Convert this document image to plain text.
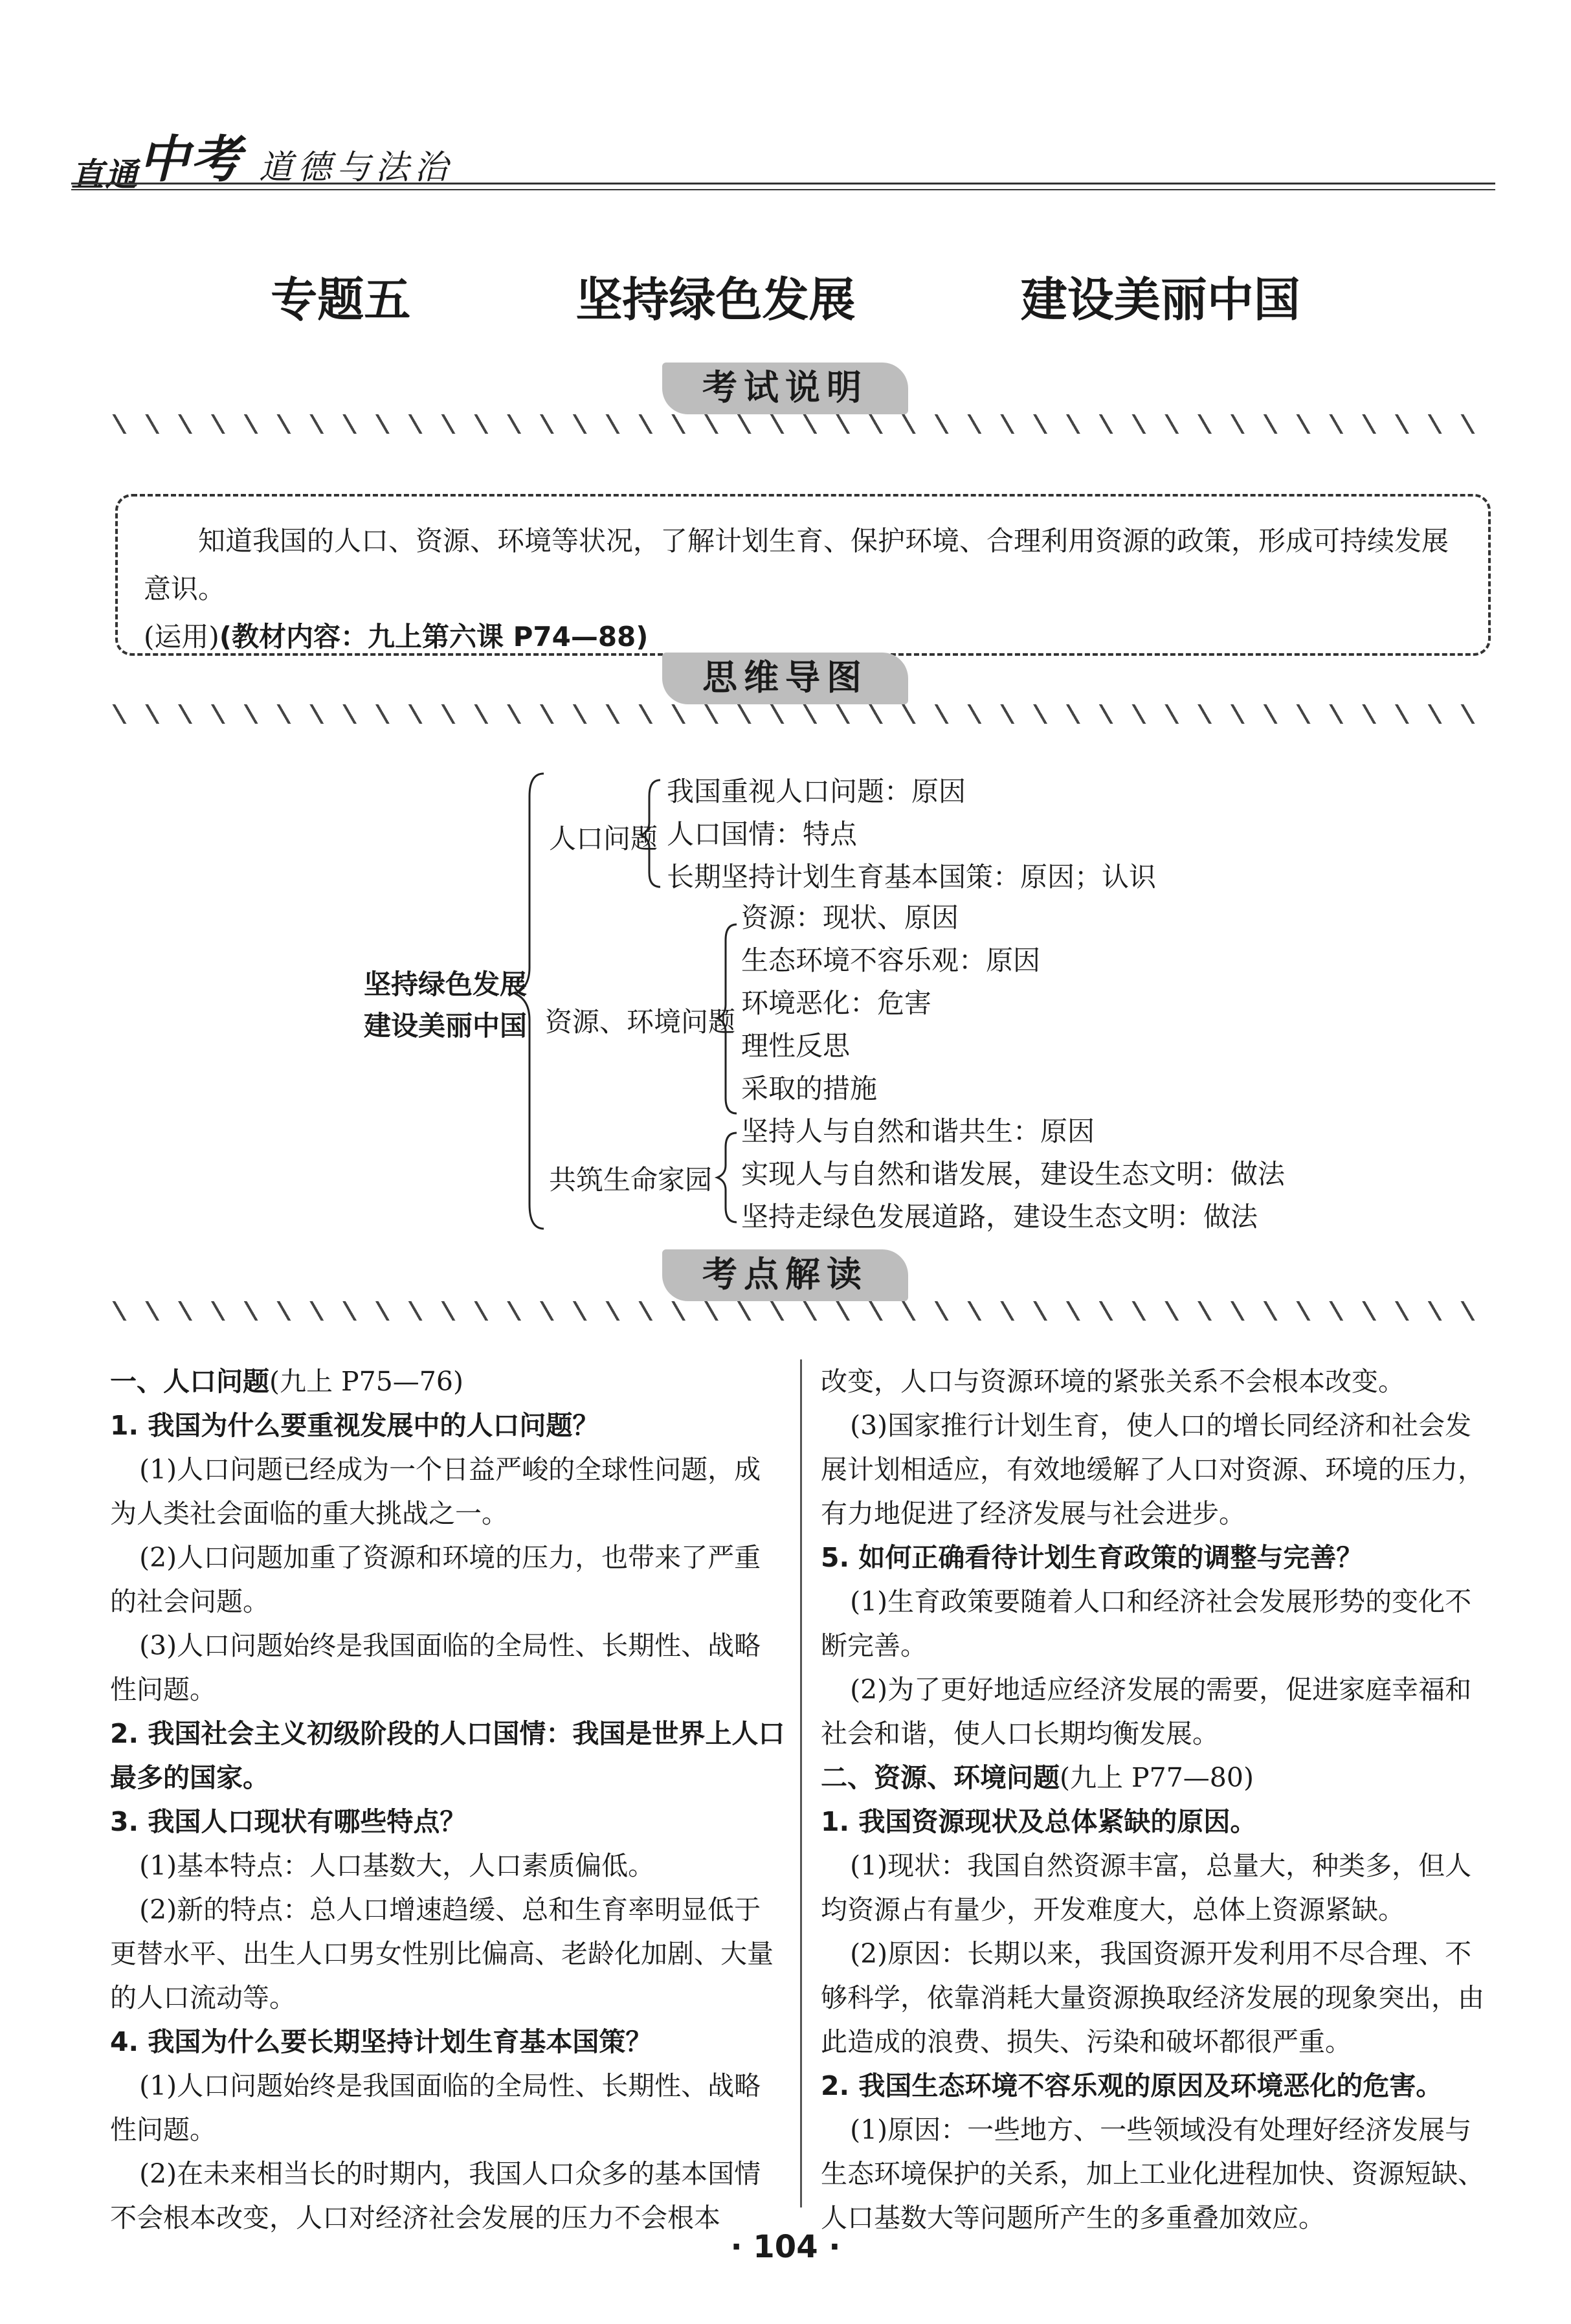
直通中考 道德与法治
专题五   坚持绿色发展   建设美丽中国
考试说明

知道我国的人口、资源、环境等状况，了解计划生育、保护环境、合理利用资源的政策，形成可持续发展意识。

(运用)(教材内容：九上第六课 P74—88)
思维导图
坚持绿色发展
建设美丽中国
人口问题
我国重视人口问题：原因
人口国情：特点
长期坚持计划生育基本国策：原因；认识
资源、环境问题
资源：现状、原因
生态环境不容乐观：原因
环境恶化：危害
理性反思
采取的措施
共筑生命家园
坚持人与自然和谐共生：原因
实现人与自然和谐发展，建设生态文明：做法
坚持走绿色发展道路，建设生态文明：做法
考点解读

一、人口问题(九上 P75—76)

1. 我国为什么要重视发展中的人口问题？

(1)人口问题已经成为一个日益严峻的全球性问题，成为人类社会面临的重大挑战之一。

(2)人口问题加重了资源和环境的压力，也带来了严重的社会问题。

(3)人口问题始终是我国面临的全局性、长期性、战略性问题。

2. 我国社会主义初级阶段的人口国情：我国是世界上人口最多的国家。

3. 我国人口现状有哪些特点？

(1)基本特点：人口基数大，人口素质偏低。

(2)新的特点：总人口增速趋缓、总和生育率明显低于更替水平、出生人口男女性别比偏高、老龄化加剧、大量的人口流动等。

4. 我国为什么要长期坚持计划生育基本国策？

(1)人口问题始终是我国面临的全局性、长期性、战略性问题。

(2)在未来相当长的时期内，我国人口众多的基本国情不会根本改变，人口对经济社会发展的压力不会根本

改变，人口与资源环境的紧张关系不会根本改变。

(3)国家推行计划生育，使人口的增长同经济和社会发展计划相适应，有效地缓解了人口对资源、环境的压力，有力地促进了经济发展与社会进步。

5. 如何正确看待计划生育政策的调整与完善？

(1)生育政策要随着人口和经济社会发展形势的变化不断完善。

(2)为了更好地适应经济发展的需要，促进家庭幸福和社会和谐，使人口长期均衡发展。

二、资源、环境问题(九上 P77—80)

1. 我国资源现状及总体紧缺的原因。

(1)现状：我国自然资源丰富，总量大，种类多，但人均资源占有量少，开发难度大，总体上资源紧缺。

(2)原因：长期以来，我国资源开发利用不尽合理、不够科学，依靠消耗大量资源换取经济发展的现象突出，由此造成的浪费、损失、污染和破坏都很严重。

2. 我国生态环境不容乐观的原因及环境恶化的危害。

(1)原因：一些地方、一些领域没有处理好经济发展与生态环境保护的关系，加上工业化进程加快、资源短缺、人口基数大等问题所产生的多重叠加效应。

· 104 ·
